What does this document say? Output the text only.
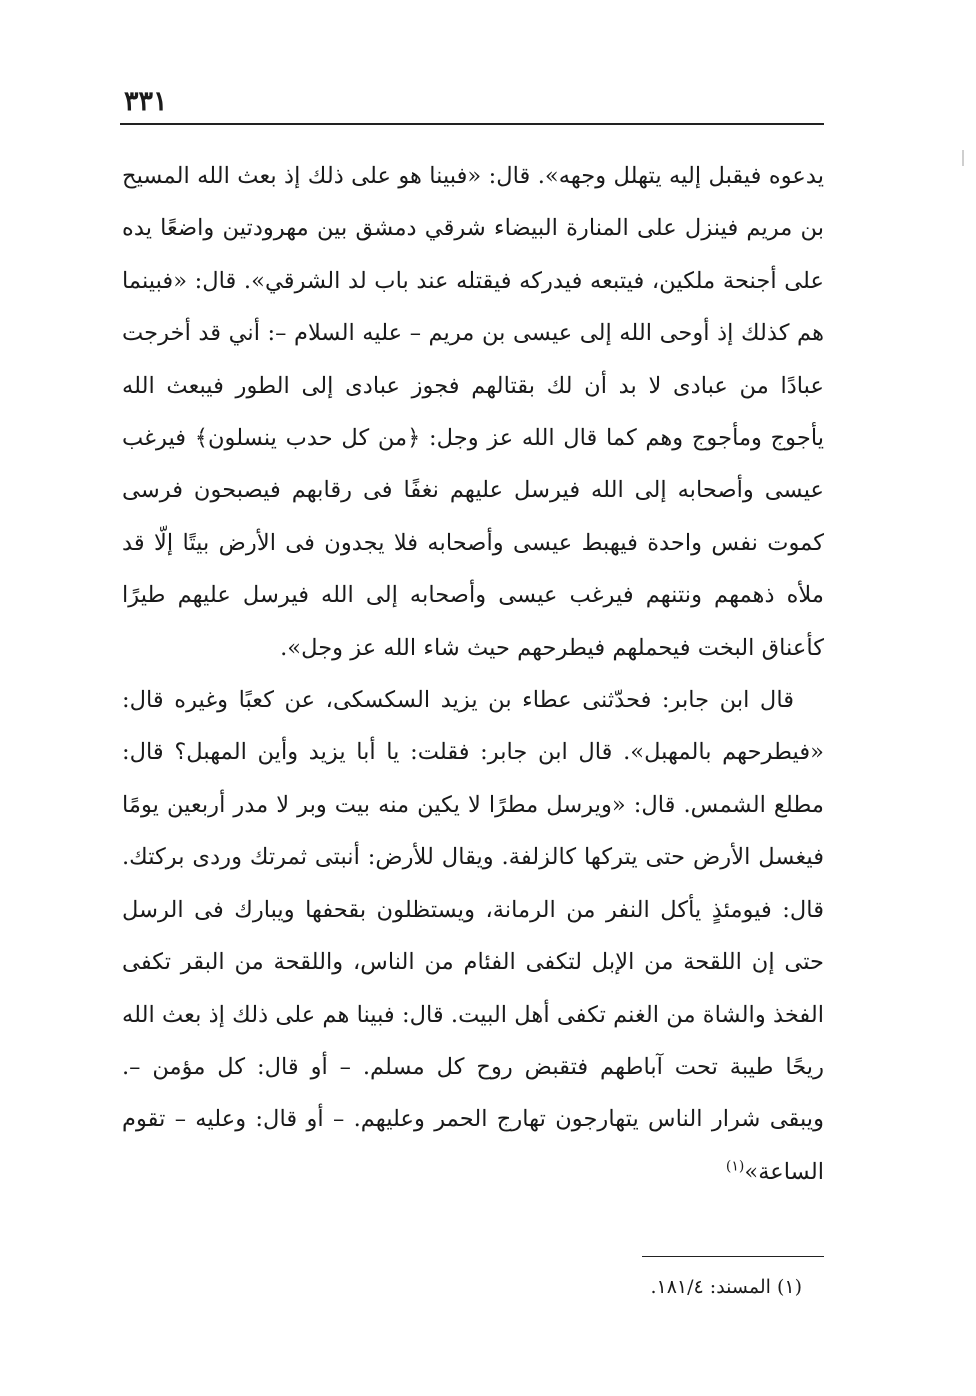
٣٣١

يدعوه فيقبل إليه يتهلل وجهه». قال: «فبينا هو على ذلك إذ بعث الله المسيح بن مريم فينزل على المنارة البيضاء شرقي دمشق بين مهرودتين واضعًا يده على أجنحة ملكين، فيتبعه فيدركه فيقتله عند باب لد الشرقي». قال: «فبينما هم كذلك إذ أوحى الله إلى عيسى بن مريم – عليه السلام –: أني قد أخرجت عبادًا من عبادى لا بد أن لك بقتالهم فجوز عبادى إلى الطور فيبعث الله يأجوج ومأجوج وهم كما قال الله عز وجل: ﴿من كل حدب ينسلون﴾ فيرغب عيسى وأصحابه إلى الله فيرسل عليهم نغفًا فى رقابهم فيصبحون فرسى كموت نفس واحدة فيهبط عيسى وأصحابه فلا يجدون فى الأرض بيتًا إلّا قد ملأه ذهمهم ونتنهم فيرغب عيسى وأصحابه إلى الله فيرسل عليهم طيرًا كأعناق البخت فيحملهم فيطرحهم حيث شاء الله عز وجل».

قال ابن جابر: فحدّثنى عطاء بن يزيد السكسكى، عن كعبًا وغيره قال: «فيطرحهم بالمهبل». قال ابن جابر: فقلت: يا أبا يزيد وأين المهبل؟ قال: مطلع الشمس. قال: «ويرسل مطرًا لا يكين منه بيت وبر لا مدر أربعين يومًا فيغسل الأرض حتى يتركها كالزلفة. ويقال للأرض: أنبتى ثمرتك وردى بركتك. قال: فيومئذٍ يأكل النفر من الرمانة، ويستظلون بقحفها ويبارك فى الرسل حتى إن اللقحة من الإبل لتكفى الفئام من الناس، واللقحة من البقر تكفى الفخذ والشاة من الغنم تكفى أهل البيت. قال: فبينا هم على ذلك إذ بعث الله ريحًا طيبة تحت آباطهم فتقبض روح كل مسلم. – أو قال: كل مؤمن –. ويبقى شرار الناس يتهارجون تهارج الحمر وعليهم. – أو قال: وعليه – تقوم الساعة»$^{(١)}$

(١) المسند: ١٨١/٤.
